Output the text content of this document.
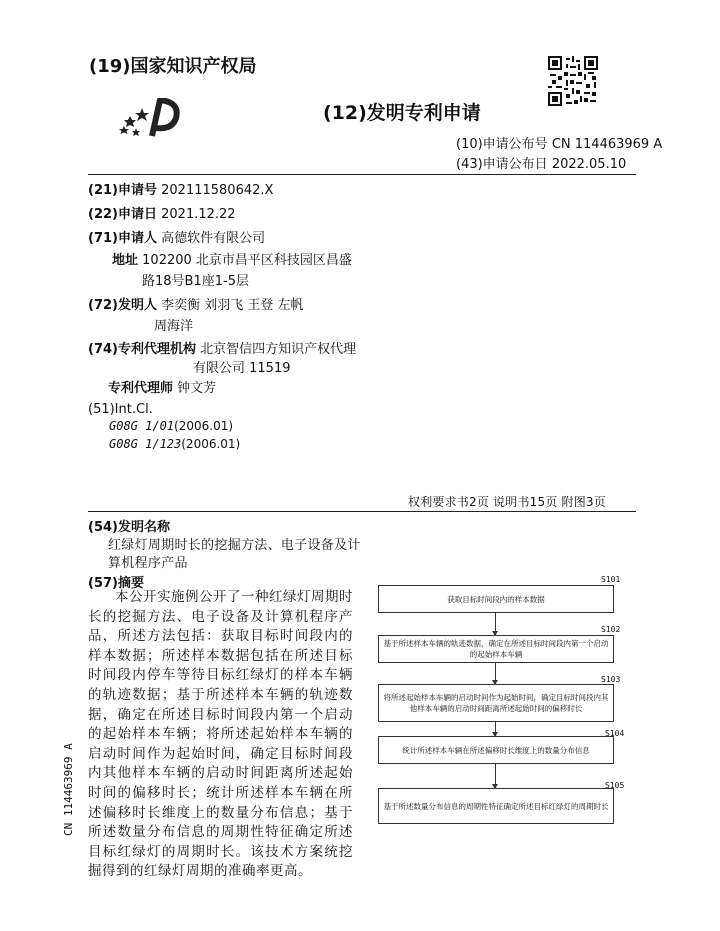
(19)国家知识产权局
(12)发明专利申请
(10)申请公布号 CN 114463969 A
(43)申请公布日 2022.05.10
(21)申请号 202111580642.X
(22)申请日 2021.12.22
(71)申请人 高德软件有限公司
地址 102200 北京市昌平区科技园区昌盛
路18号B1座1-5层
(72)发明人 李奕衡 刘羽飞 王登 左帆
周海洋
(74)专利代理机构 北京智信四方知识产权代理
有限公司 11519
专利代理师 钟文芳
(51)Int.Cl.
G08G 1/01(2006.01)
G08G 1/123(2006.01)
权利要求书2页 说明书15页 附图3页
(54)发明名称
红绿灯周期时长的挖掘方法、电子设备及计
算机程序产品
(57)摘要
本公开实施例公开了一种红绿灯周期时长的挖掘方法、电子设备及计算机程序产品，所述方法包括：获取目标时间段内的样本数据；所述样本数据包括在所述目标时间段内停车等待目标红绿灯的样本车辆的轨迹数据；基于所述样本车辆的轨迹数据，确定在所述目标时间段内第一个启动的起始样本车辆；将所述起始样本车辆的启动时间作为起始时间，确定目标时间段内其他样本车辆的启动时间距离所述起始时间的偏移时长；统计所述样本车辆在所述偏移时长维度上的数量分布信息；基于所述数量分布信息的周期性特征确定所述目标红绿灯的周期时长。该技术方案统挖掘得到的红绿灯周期的准确率更高。
S101
获取目标时间段内的样本数据
S102
基于所述样本车辆的轨迹数据，确定在所述目标时间段内第一个启动的起始样本车辆
S103
将所述起始样本车辆的启动时间作为起始时间，确定目标时间段内其他样本车辆的启动时间距离所述起始时间的偏移时长
S104
统计所述样本车辆在所述偏移时长维度上的数量分布信息
S105
基于所述数量分布信息的周期性特征确定所述目标红绿灯的周期时长
CN 114463969 A
